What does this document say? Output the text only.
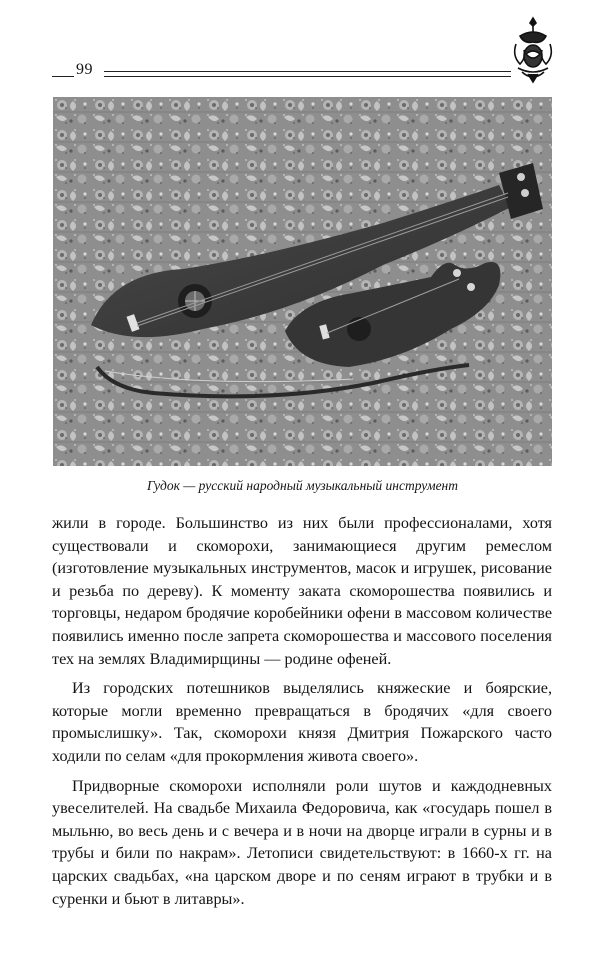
99
Гудок — русский народный музыкальный инструмент

жили в городе. Большинство из них были профессионалами, хотя существовали и скоморохи, занимающиеся другим ремеслом (изготовление музыкальных инструментов, масок и игрушек, рисование и резьба по дереву). К моменту заката скоморошества появились и торговцы, недаром бродячие коробейники офени в массовом количестве появились именно после запрета скоморошества и массового поселения тех на землях Владимирщины — родине офеней.

Из городских потешников выделялись княжеские и боярские, которые могли временно превращаться в бродячих «для своего промыслишку». Так, скоморохи князя Дмитрия Пожарского часто ходили по селам «для прокормления живота своего».

Придворные скоморохи исполняли роли шутов и каждодневных увеселителей. На свадьбе Михаила Федоровича, как «государь пошел в мыльню, во весь день и с вечера и в ночи на дворце играли в сурны и в трубы и били по накрам». Летописи свидетельствуют: в 1660-х гг. на царских свадьбах, «на царском дворе и по сеням играют в трубки и в суренки и бьют в литавры».
